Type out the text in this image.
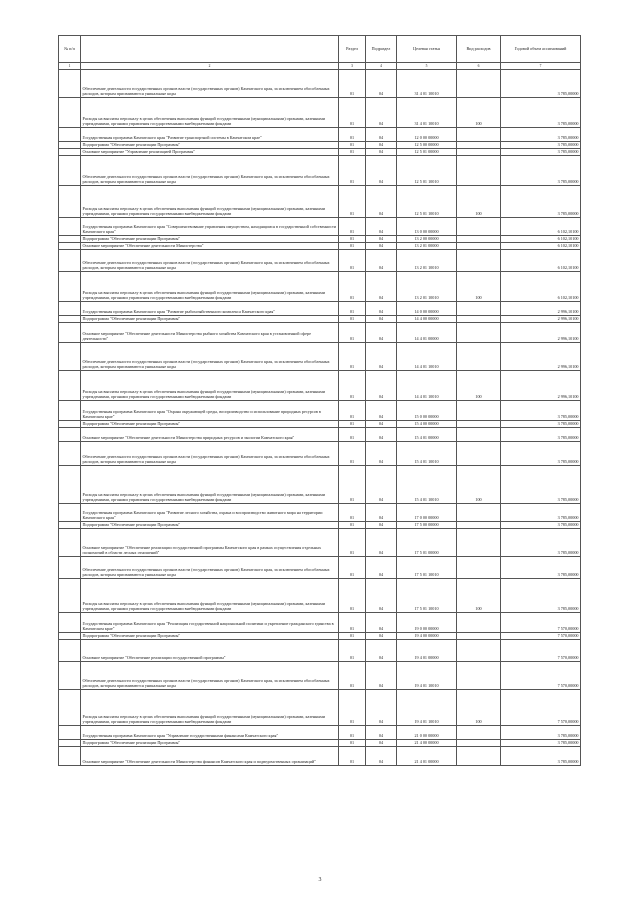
№ п/п		Раздел	Подраздел	Целевая статья	Вид расходов	Годовой объем ассигнований
1	2	3	4	5	6	7
	Обеспечение деятельности государственных органов власти (государственных органов) Камчатского края, за исключением обособленных расходов, которым присваиваются уникальные коды	01	04	31 4 01 10010		3 785,00000
	Расходы на выплаты персоналу в целях обеспечения выполнения функций государственными (муниципальными) органами, казенными учреждениями, органами управления государственными внебюджетными фондами	01	04	31 4 01 10010	100	3 785,00000
	Государственная программа Камчатского края "Развитие транспортной системы в Камчатском крае"	01	04	12 0 00 00000		3 785,00000
	Подпрограмма "Обеспечение реализации Программы"	01	04	12 5 00 00000		3 785,00000
	Основное мероприятие "Управление реализацией Программы"	01	04	12 5 01 00000		3 785,00000
	Обеспечение деятельности государственных органов власти (государственных органов) Камчатского края, за исключением обособленных расходов, которым присваиваются уникальные коды	01	04	12 5 01 10010		3 785,00000
	Расходы на выплаты персоналу в целях обеспечения выполнения функций государственными (муниципальными) органами, казенными учреждениями, органами управления государственными внебюджетными фондами	01	04	12 5 01 10010	100	3 785,00000
	Государственная программа Камчатского края "Совершенствование управления имуществом, находящимся в государственной собственности Камчатского края"	01	04	13 0 00 00000		6 102,10100
	Подпрограмма "Обеспечение реализации Программы"	01	04	13 2 00 00000		6 102,10100
	Основное мероприятие "Обеспечение деятельности Министерства"	01	04	13 2 01 00000		6 102,10100
	Обеспечение деятельности государственных органов власти (государственных органов) Камчатского края, за исключением обособленных расходов, которым присваиваются уникальные коды	01	04	13 2 01 10010		6 102,10100
	Расходы на выплаты персоналу в целях обеспечения выполнения функций государственными (муниципальными) органами, казенными учреждениями, органами управления государственными внебюджетными фондами	01	04	13 2 01 10010	100	6 102,10100
	Государственная программа Камчатского края "Развитие рыбохозяйственного комплекса Камчатского края"	01	04	14 0 00 00000		2 996,10100
	Подпрограмма "Обеспечение реализации Программы"	01	04	14 4 00 00000		2 996,10100
	Основное мероприятие "Обеспечение деятельности Министерства рыбного хозяйства Камчатского края в установленной сфере деятельности"	01	04	14 4 01 00000		2 996,10100
	Обеспечение деятельности государственных органов власти (государственных органов) Камчатского края, за исключением обособленных расходов, которым присваиваются уникальные коды	01	04	14 4 01 10010		2 996,10100
	Расходы на выплаты персоналу в целях обеспечения выполнения функций государственными (муниципальными) органами, казенными учреждениями, органами управления государственными внебюджетными фондами	01	04	14 4 01 10010	100	2 996,10100
	Государственная программа Камчатского края "Охрана окружающей среды, воспроизводство и использование природных ресурсов в Камчатском крае"	01	04	15 0 00 00000		3 785,00000
	Подпрограмма "Обеспечение реализации Программы"	01	04	15 4 00 00000		3 785,00000
	Основное мероприятие "Обеспечение деятельности Министерства природных ресурсов и экологии Камчатского края"	01	04	15 4 01 00000		3 785,00000
	Обеспечение деятельности государственных органов власти (государственных органов) Камчатского края, за исключением обособленных расходов, которым присваиваются уникальные коды	01	04	15 4 01 10010		3 785,00000
	Расходы на выплаты персоналу в целях обеспечения выполнения функций государственными (муниципальными) органами, казенными учреждениями, органами управления государственными внебюджетными фондами	01	04	15 4 01 10010	100	3 785,00000
	Государственная программа Камчатского края "Развитие лесного хозяйства, охрана и воспроизводство животного мира на территории Камчатского края"	01	04	17 0 00 00000		3 785,00000
	Подпрограмма "Обеспечение реализации Программы"	01	04	17 5 00 00000		3 785,00000
	Основное мероприятие "Обеспечение реализации государственной программы Камчатского края в рамках осуществления отдельных полномочий в области лесных отношений"	01	04	17 5 01 00000		3 785,00000
	Обеспечение деятельности государственных органов власти (государственных органов) Камчатского края, за исключением обособленных расходов, которым присваиваются уникальные коды	01	04	17 5 01 10010		3 785,00000
	Расходы на выплаты персоналу в целях обеспечения выполнения функций государственными (муниципальными) органами, казенными учреждениями, органами управления государственными внебюджетными фондами	01	04	17 5 01 10010	100	3 785,00000
	Государственная программа Камчатского края "Реализация государственной национальной политики и укрепление гражданского единства в Камчатском крае"	01	04	19 0 00 00000		7 570,00000
	Подпрограмма "Обеспечение реализации Программы"	01	04	19 4 00 00000		7 570,00000
	Основное мероприятие "Обеспечение реализации государственной программы"	01	04	19 4 01 00000		7 570,00000
	Обеспечение деятельности государственных органов власти (государственных органов) Камчатского края, за исключением обособленных расходов, которым присваиваются уникальные коды	01	04	19 4 01 10010		7 570,00000
	Расходы на выплаты персоналу в целях обеспечения выполнения функций государственными (муниципальными) органами, казенными учреждениями, органами управления государственными внебюджетными фондами	01	04	19 4 01 10010	100	7 570,00000
	Государственная программа Камчатского края "Управление государственными финансами Камчатского края"	01	04	21 0 00 00000		3 785,00000
	Подпрограмма "Обеспечение реализации Программы"	01	04	21 4 00 00000		3 785,00000
	Основное мероприятие "Обеспечение деятельности Министерства финансов Камчатского края и подведомственных организаций"	01	04	21 4 01 00000		3 785,00000
3
